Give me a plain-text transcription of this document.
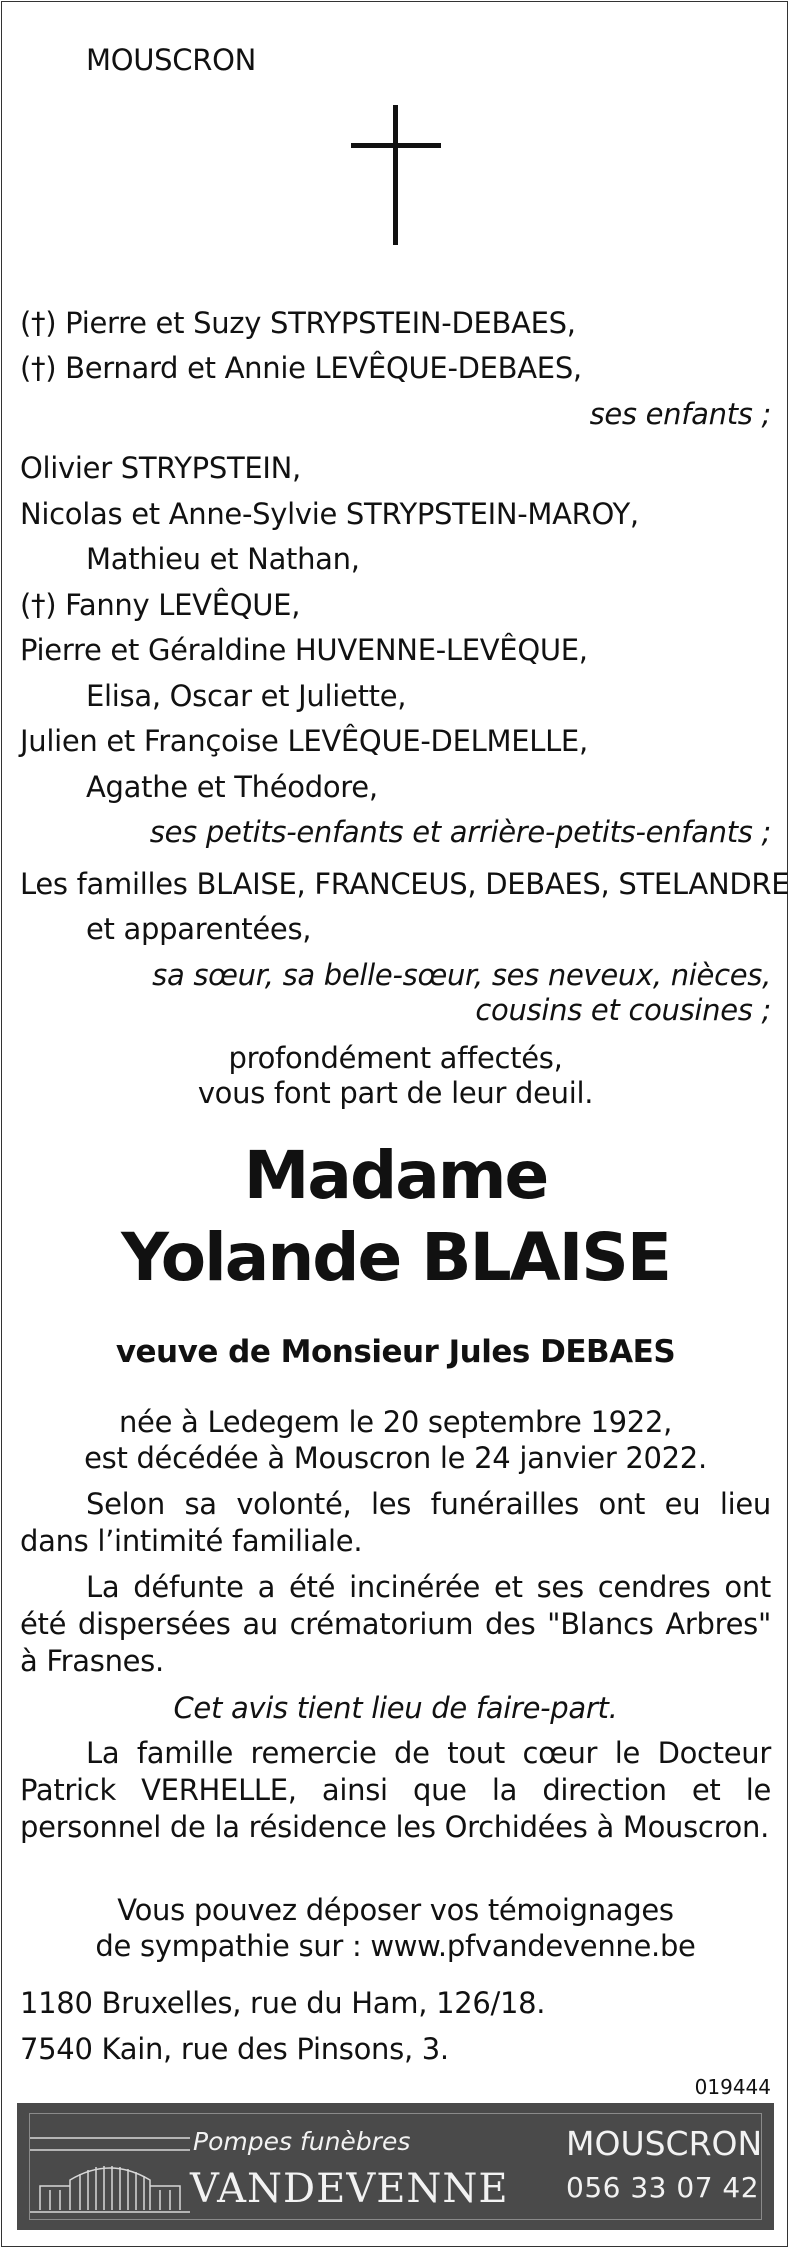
MOUSCRON
(†) Pierre et Suzy STRYPSTEIN-DEBAES,
(†) Bernard et Annie LEVÊQUE-DEBAES,
ses enfants ;
Olivier STRYPSTEIN,
Nicolas et Anne-Sylvie STRYPSTEIN-MAROY,
Mathieu et Nathan,
(†) Fanny LEVÊQUE,
Pierre et Géraldine HUVENNE-LEVÊQUE,
Elisa, Oscar et Juliette,
Julien et Françoise LEVÊQUE-DELMELLE,
Agathe et Théodore,
ses petits-enfants et arrière-petits-enfants ;
Les familles BLAISE, FRANCEUS, DEBAES, STELANDRE
et apparentées,
sa sœur, sa belle-sœur, ses neveux, nièces,
cousins et cousines ;
profondément affectés,
vous font part de leur deuil.
Madame
Yolande BLAISE
veuve de Monsieur Jules DEBAES
née à Ledegem le 20 septembre 1922,
est décédée à Mouscron le 24 janvier 2022.
Selon sa volonté, les funérailles ont eu lieu dans l’intimité familiale.
La défunte a été incinérée et ses cendres ont été dispersées au crématorium des "Blancs Arbres" à Frasnes.
Cet avis tient lieu de faire-part.
La famille remercie de tout cœur le Docteur Patrick VERHELLE, ainsi que la direction et le personnel de la résidence les Orchidées à Mouscron.
Vous pouvez déposer vos témoignages
de sympathie sur : www.pfvandevenne.be
1180 Bruxelles, rue du Ham, 126/18.
7540 Kain, rue des Pinsons, 3.
019444
Pompes funèbres
VANDEVENNE
MOUSCRON
056 33 07 42
